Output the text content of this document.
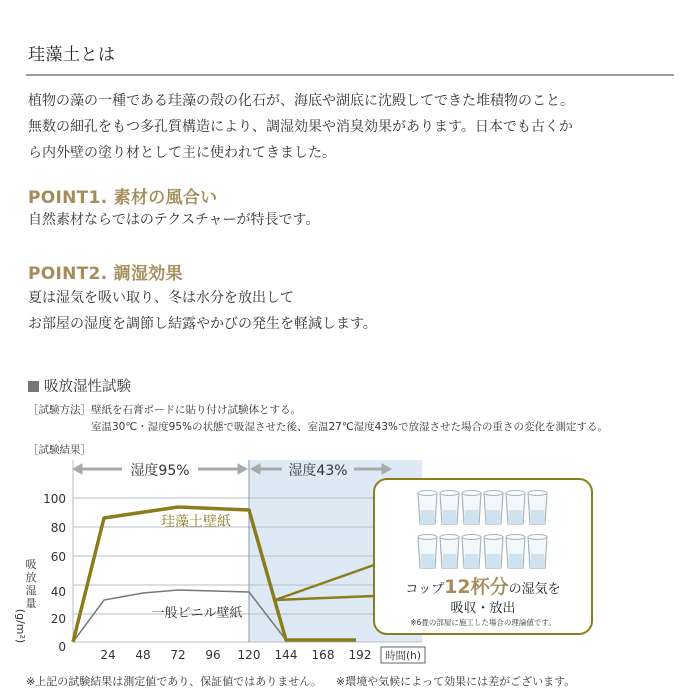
珪藻土とは
植物の藻の一種である珪藻の殻の化石が、海底や湖底に沈殿してできた堆積物のこと。
無数の細孔をもつ多孔質構造により、調湿効果や消臭効果があります。日本でも古くか
ら内外壁の塗り材として主に使われてきました。
POINT1. 素材の風合い
自然素材ならではのテクスチャーが特長です。
POINT2. 調湿効果
夏は湿気を吸い取り、冬は水分を放出して
お部屋の湿度を調節し結露やかびの発生を軽減します。
吸放湿性試験
［試験方法］壁紙を石膏ボードに貼り付け試験体とする。
室温30℃・湿度95%の状態で吸湿させた後、室温27℃湿度43%で放湿させた場合の重さの変化を測定する。
［試験結果］
湿度95%	湿度43%
100
80
60
40
20
0
吸
放
湿
量
(g/m²)
24 48 72 96 120 144 168 192 時間(h)
一般ビニル壁紙
珪藻土壁紙
コップ12杯分の湿気を
吸収・放出
※6畳の部屋に施工した場合の理論値です。
※上記の試験結果は測定値であり、保証値ではありません。 ※環境や気候によって効果には差がございます。
